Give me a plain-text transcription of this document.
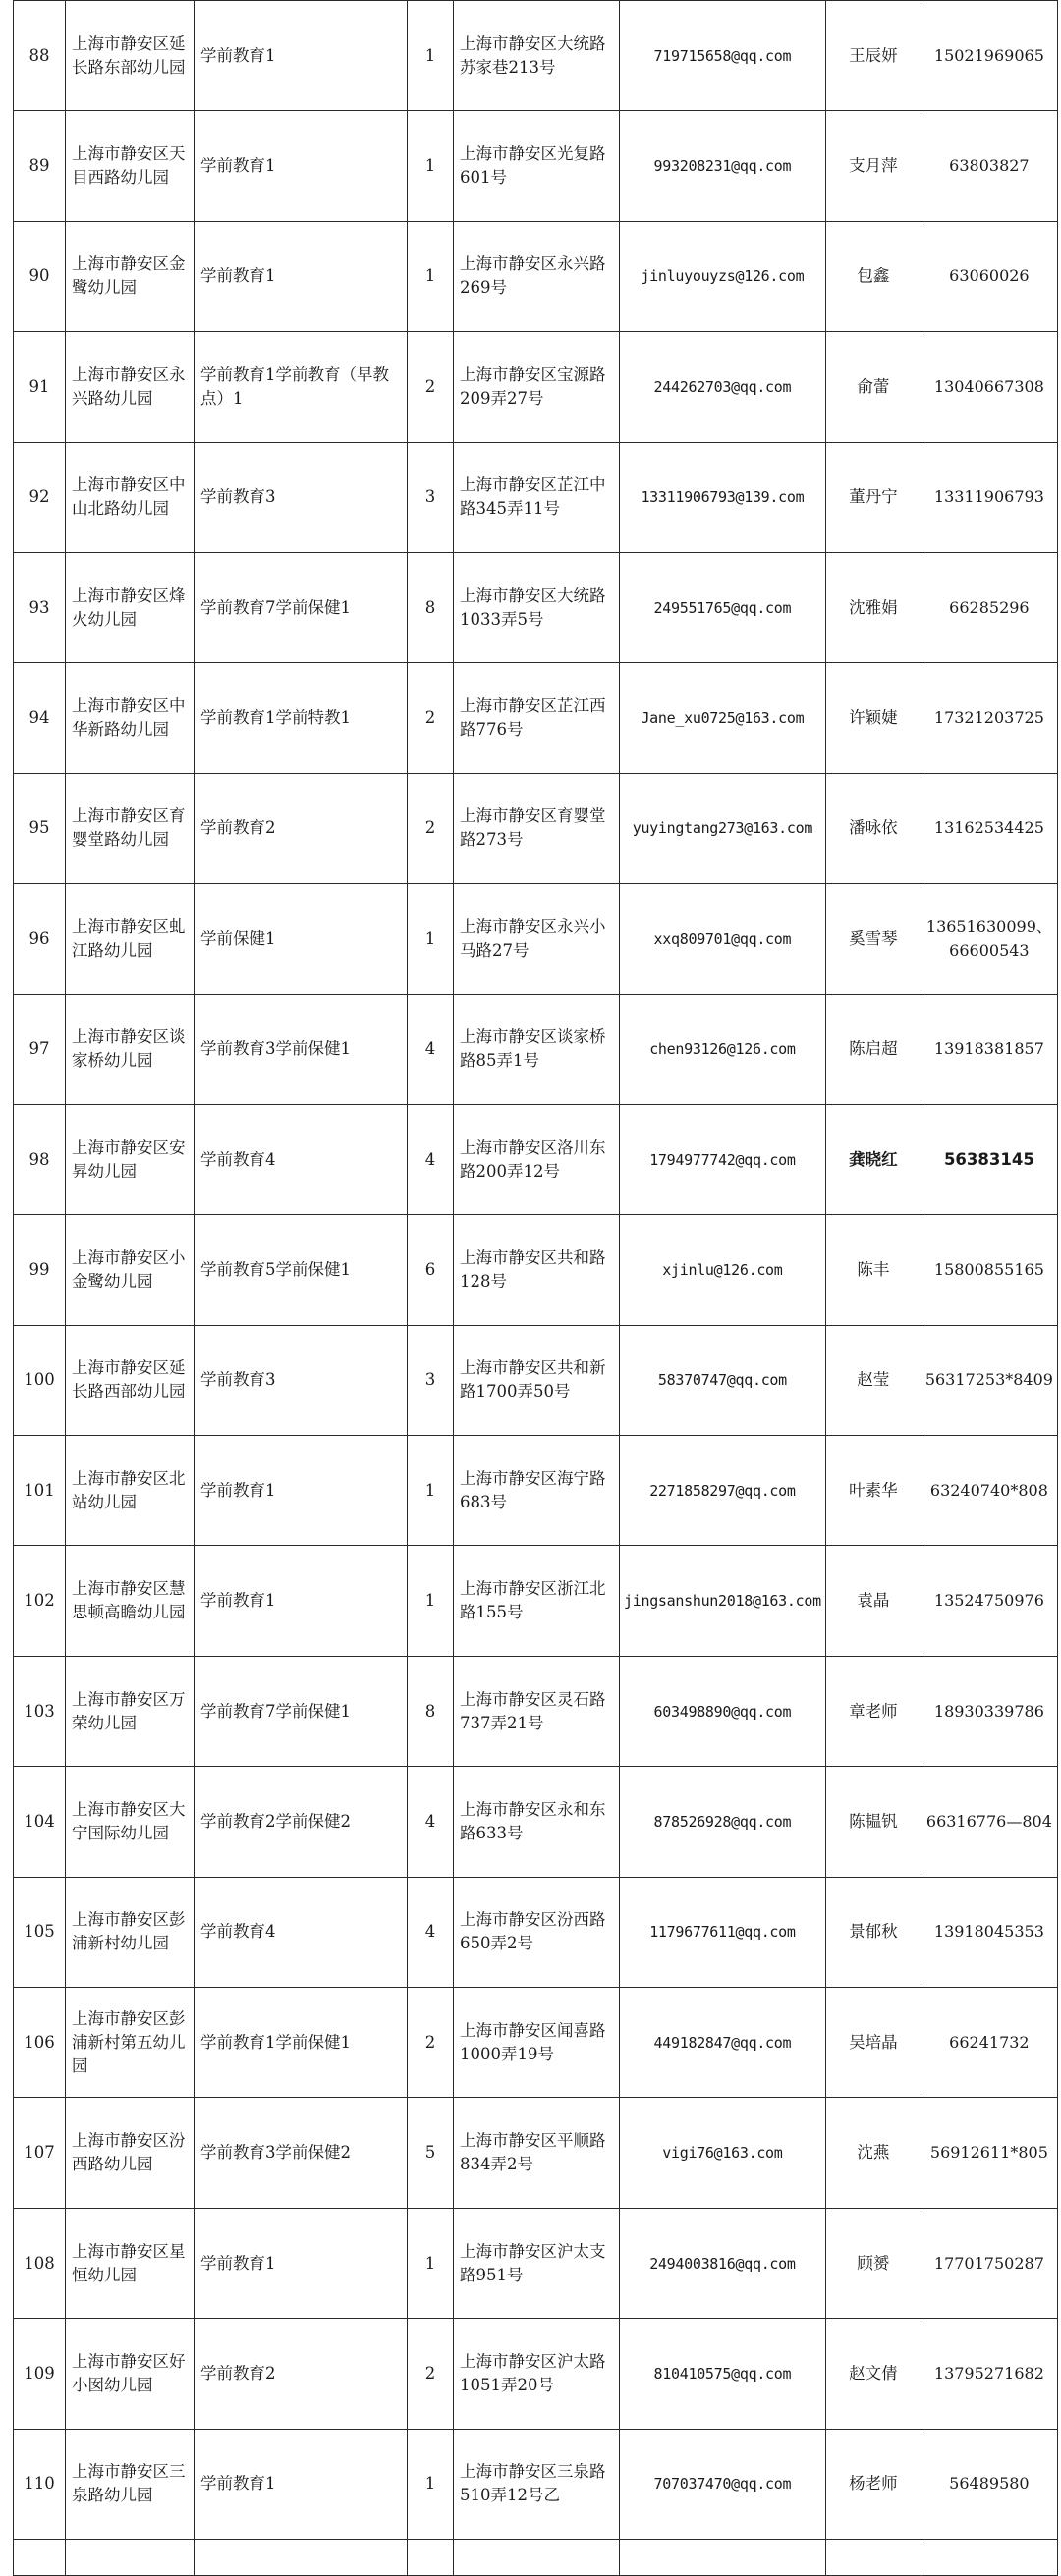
88	上海市静安区延长路东部幼儿园	学前教育1	1	上海市静安区大统路苏家巷213号	719715658@qq.com	王辰妍	15021969065
89	上海市静安区天目西路幼儿园	学前教育1	1	上海市静安区光复路601号	993208231@qq.com	支月萍	63803827
90	上海市静安区金鹭幼儿园	学前教育1	1	上海市静安区永兴路269号	jinluyouyzs@126.com	包鑫	63060026
91	上海市静安区永兴路幼儿园	学前教育1学前教育（早教点）1	2	上海市静安区宝源路209弄27号	244262703@qq.com	俞蕾	13040667308
92	上海市静安区中山北路幼儿园	学前教育3	3	上海市静安区芷江中路345弄11号	13311906793@139.com	董丹宁	13311906793
93	上海市静安区烽火幼儿园	学前教育7学前保健1	8	上海市静安区大统路1033弄5号	249551765@qq.com	沈雅娟	66285296
94	上海市静安区中华新路幼儿园	学前教育1学前特教1	2	上海市静安区芷江西路776号	Jane_xu0725@163.com	许颖婕	17321203725
95	上海市静安区育婴堂路幼儿园	学前教育2	2	上海市静安区育婴堂路273号	yuyingtang273@163.com	潘咏依	13162534425
96	上海市静安区虬江路幼儿园	学前保健1	1	上海市静安区永兴小马路27号	xxq809701@qq.com	奚雪琴	13651630099、66600543
97	上海市静安区谈家桥幼儿园	学前教育3学前保健1	4	上海市静安区谈家桥路85弄1号	chen93126@126.com	陈启超	13918381857
98	上海市静安区安昇幼儿园	学前教育4	4	上海市静安区洛川东路200弄12号	1794977742@qq.com	龚晓红	56383145
99	上海市静安区小金鹭幼儿园	学前教育5学前保健1	6	上海市静安区共和路128号	xjinlu@126.com	陈丰	15800855165
100	上海市静安区延长路西部幼儿园	学前教育3	3	上海市静安区共和新路1700弄50号	58370747@qq.com	赵莹	56317253*8409
101	上海市静安区北站幼儿园	学前教育1	1	上海市静安区海宁路683号	2271858297@qq.com	叶素华	63240740*808
102	上海市静安区慧思顿高瞻幼儿园	学前教育1	1	上海市静安区浙江北路155号	jingsanshun2018@163.com	袁晶	13524750976
103	上海市静安区万荣幼儿园	学前教育7学前保健1	8	上海市静安区灵石路737弄21号	603498890@qq.com	章老师	18930339786
104	上海市静安区大宁国际幼儿园	学前教育2学前保健2	4	上海市静安区永和东路633号	878526928@qq.com	陈韫钒	66316776—804
105	上海市静安区彭浦新村幼儿园	学前教育4	4	上海市静安区汾西路650弄2号	1179677611@qq.com	景郁秋	13918045353
106	上海市静安区彭浦新村第五幼儿园	学前教育1学前保健1	2	上海市静安区闻喜路1000弄19号	449182847@qq.com	吴培晶	66241732
107	上海市静安区汾西路幼儿园	学前教育3学前保健2	5	上海市静安区平顺路834弄2号	vigi76@163.com	沈燕	56912611*805
108	上海市静安区星恒幼儿园	学前教育1	1	上海市静安区沪太支路951号	2494003816@qq.com	顾赟	17701750287
109	上海市静安区好小囡幼儿园	学前教育2	2	上海市静安区沪太路1051弄20号	810410575@qq.com	赵文倩	13795271682
110	上海市静安区三泉路幼儿园	学前教育1	1	上海市静安区三泉路510弄12号乙	707037470@qq.com	杨老师	56489580
